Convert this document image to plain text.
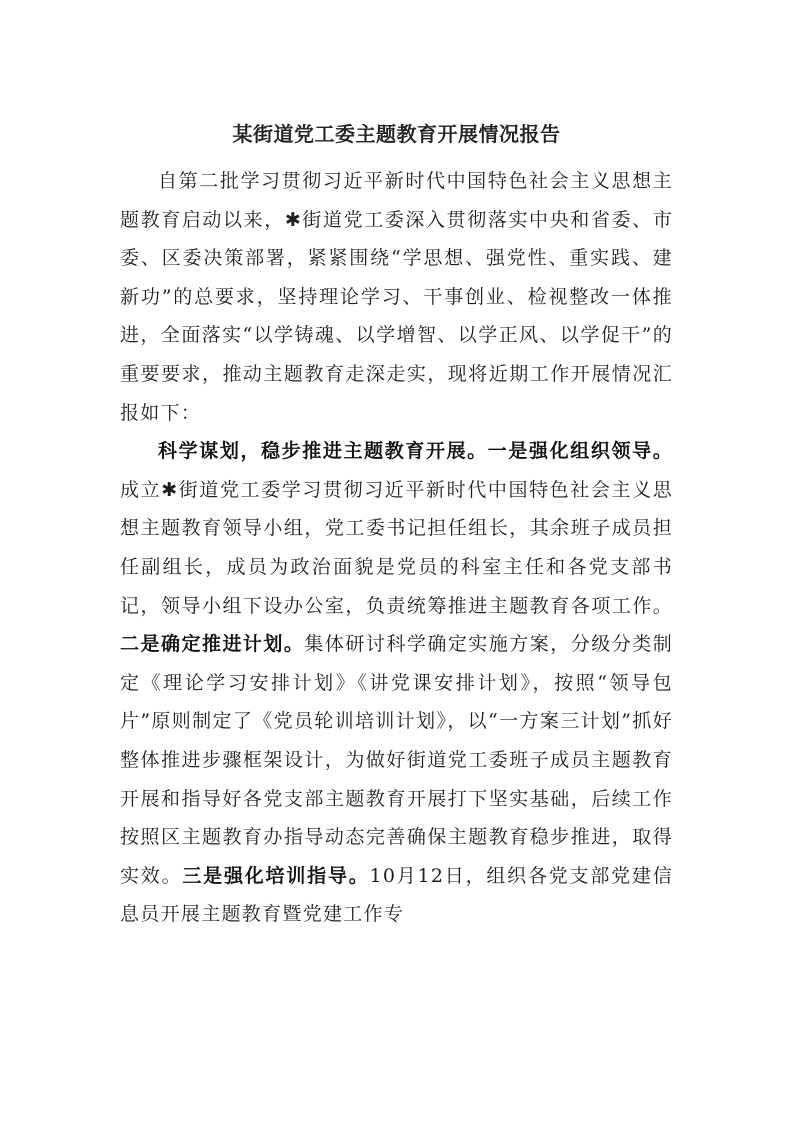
某街道党工委主题教育开展情况报告

自第二批学习贯彻习近平新时代中国特色社会主义思想主题教育启动以来，✱街道党工委深入贯彻落实中央和省委、市委、区委决策部署，紧紧围绕“学思想、强党性、重实践、建新功”的总要求，坚持理论学习、干事创业、检视整改一体推进，全面落实“以学铸魂、以学增智、以学正风、以学促干”的重要要求，推动主题教育走深走实，现将近期工作开展情况汇报如下：

科学谋划，稳步推进主题教育开展。一是强化组织领导。成立✱街道党工委学习贯彻习近平新时代中国特色社会主义思想主题教育领导小组，党工委书记担任组长，其余班子成员担任副组长，成员为政治面貌是党员的科室主任和各党支部书记，领导小组下设办公室，负责统筹推进主题教育各项工作。二是确定推进计划。集体研讨科学确定实施方案，分级分类制定《理论学习安排计划》《讲党课安排计划》，按照“领导包片”原则制定了《党员轮训培训计划》，以“一方案三计划”抓好整体推进步骤框架设计，为做好街道党工委班子成员主题教育开展和指导好各党支部主题教育开展打下坚实基础，后续工作按照区主题教育办指导动态完善确保主题教育稳步推进，取得实效。三是强化培训指导。10月12日，组织各党支部党建信息员开展主题教育暨党建工作专
